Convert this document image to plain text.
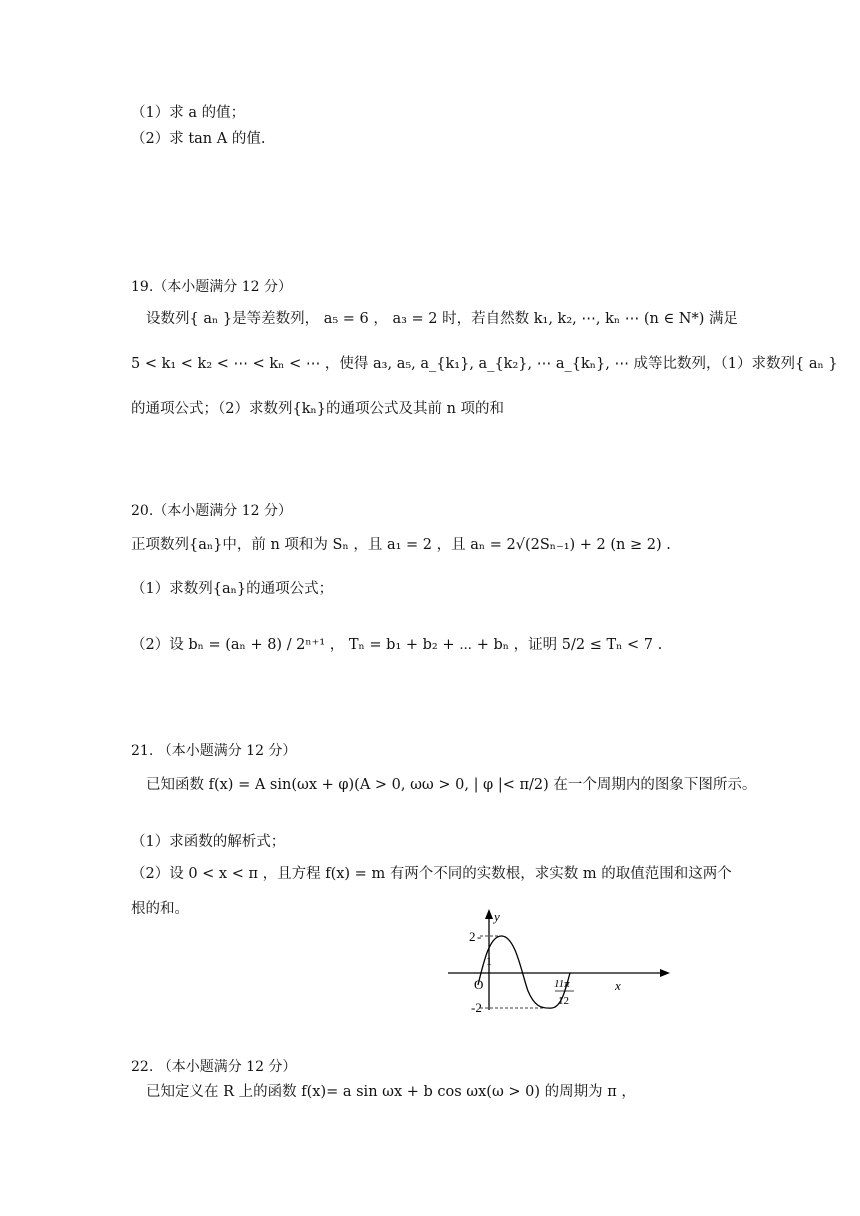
（1）求 a 的值；
（2）求 tan A 的值.
19.（本小题满分 12 分）
设数列{ aₙ }是等差数列， a₅ = 6 ， a₃ = 2 时，若自然数 k₁, k₂, ⋯, kₙ ⋯ (n ∈ N*) 满足
5 < k₁ < k₂ < ⋯ < kₙ < ⋯ ，使得 a₃, a₅, a_{k₁}, a_{k₂}, ⋯ a_{kₙ}, ⋯ 成等比数列，（1）求数列{ aₙ }
的通项公式；（2）求数列{kₙ}的通项公式及其前 n 项的和
20.（本小题满分 12 分）
正项数列{aₙ}中，前 n 项和为 Sₙ ，且 a₁ = 2 ，且 aₙ = 2√(2Sₙ₋₁) + 2 (n ≥ 2) .
（1）求数列{aₙ}的通项公式；
（2）设 bₙ = (aₙ + 8) / 2ⁿ⁺¹ ， Tₙ = b₁ + b₂ + ⋯ + bₙ ，证明 5/2 ≤ Tₙ < 7 .
21. （本小题满分 12 分）
已知函数 f(x) = A sin(ωx + φ)(A > 0, ωω > 0, | φ |< π/2) 在一个周期内的图象下图所示。
（1）求函数的解析式；
（2）设 0 < x < π ，且方程 f(x) = m 有两个不同的实数根，求实数 m 的取值范围和这两个
根的和。	y
2 -
1
O
-2
11π
12
x
22. （本小题满分 12 分）
已知定义在 R 上的函数 f(x)= a sin ωx + b cos ωx(ω > 0) 的周期为 π ，
